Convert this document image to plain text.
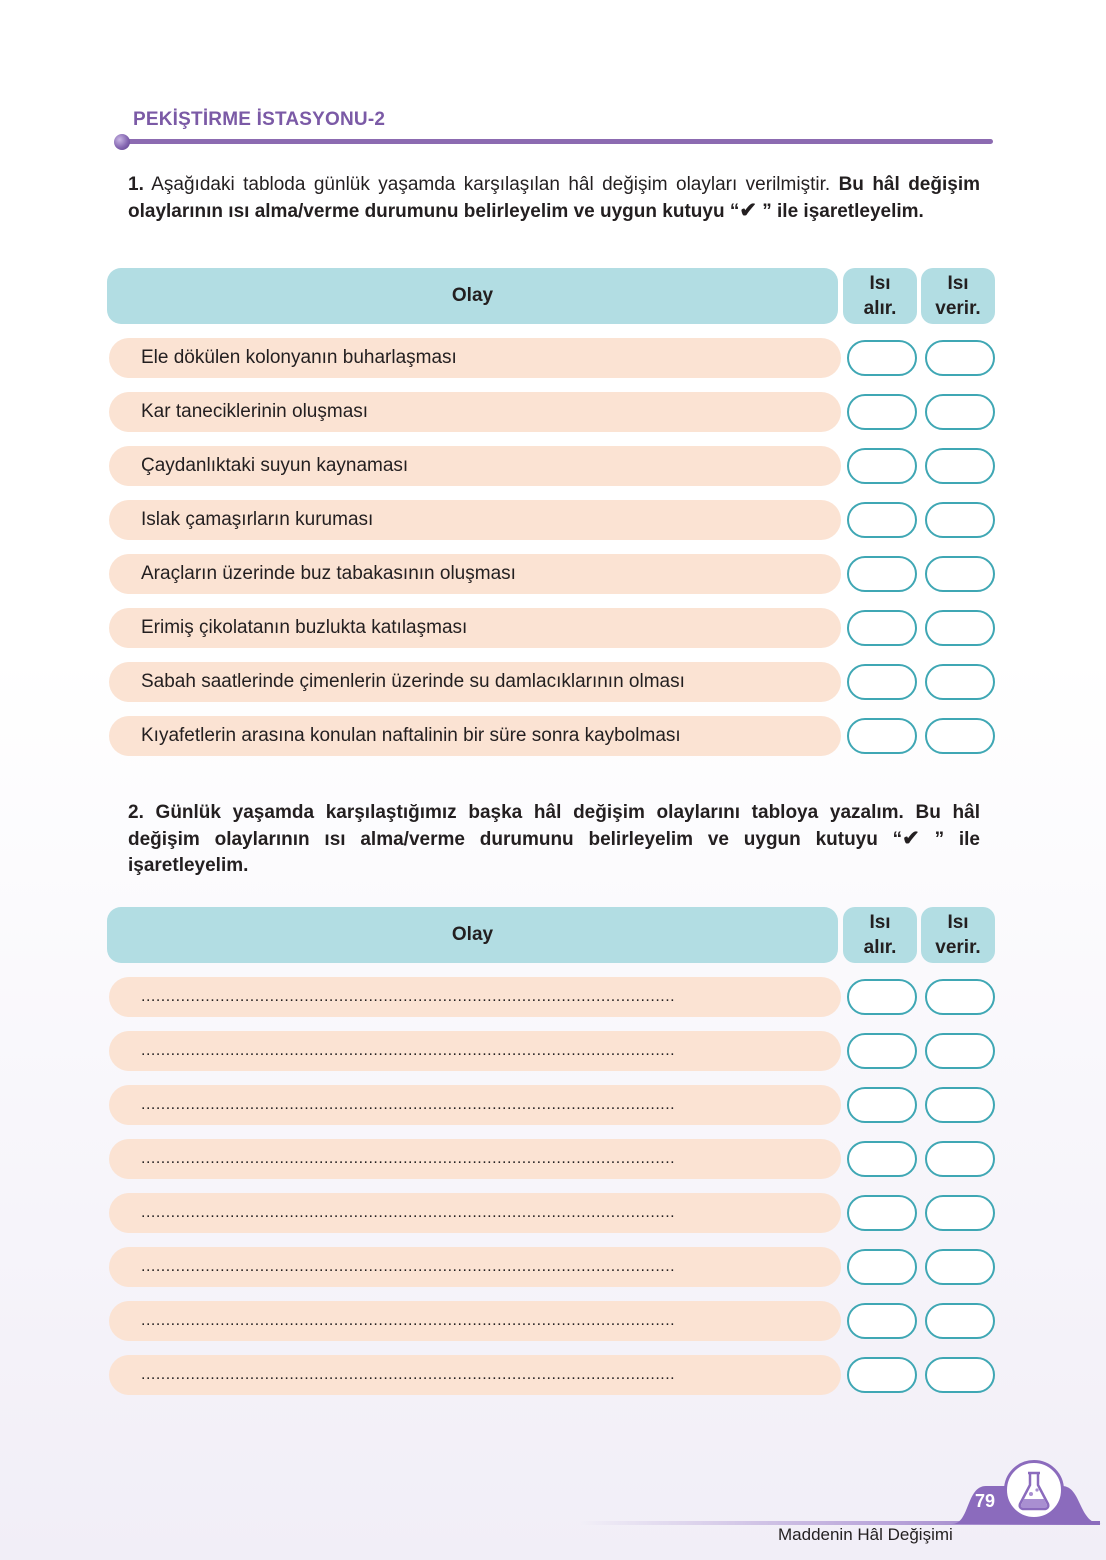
PEKİŞTİRME İSTASYONU-2
1. Aşağıdaki tabloda günlük yaşamda karşılaşılan hâl değişim olayları verilmiştir. Bu hâl değişim olaylarının ısı alma/verme durumunu belirleyelim ve uygun kutuyu “✔ ” ile işaretleyelim.
Olay
Isı
alır.
Isı
verir.
Ele dökülen kolonyanın buharlaşması
Kar taneciklerinin oluşması
Çaydanlıktaki suyun kaynaması
Islak çamaşırların kuruması
Araçların üzerinde buz tabakasının oluşması
Erimiş çikolatanın buzlukta katılaşması
Sabah saatlerinde çimenlerin üzerinde su damlacıklarının olması
Kıyafetlerin arasına konulan naftalinin bir süre sonra kaybolması
2. Günlük yaşamda karşılaştığımız başka hâl değişim olaylarını tabloya yazalım. Bu hâl değişim olaylarının ısı alma/verme durumunu belirleyelim ve uygun kutuyu “✔ ” ile işaretleyelim.
Olay
Isı
alır.
Isı
verir.
............................................................................................................
............................................................................................................
............................................................................................................
............................................................................................................
............................................................................................................
............................................................................................................
............................................................................................................
............................................................................................................
Maddenin Hâl Değişimi
79
